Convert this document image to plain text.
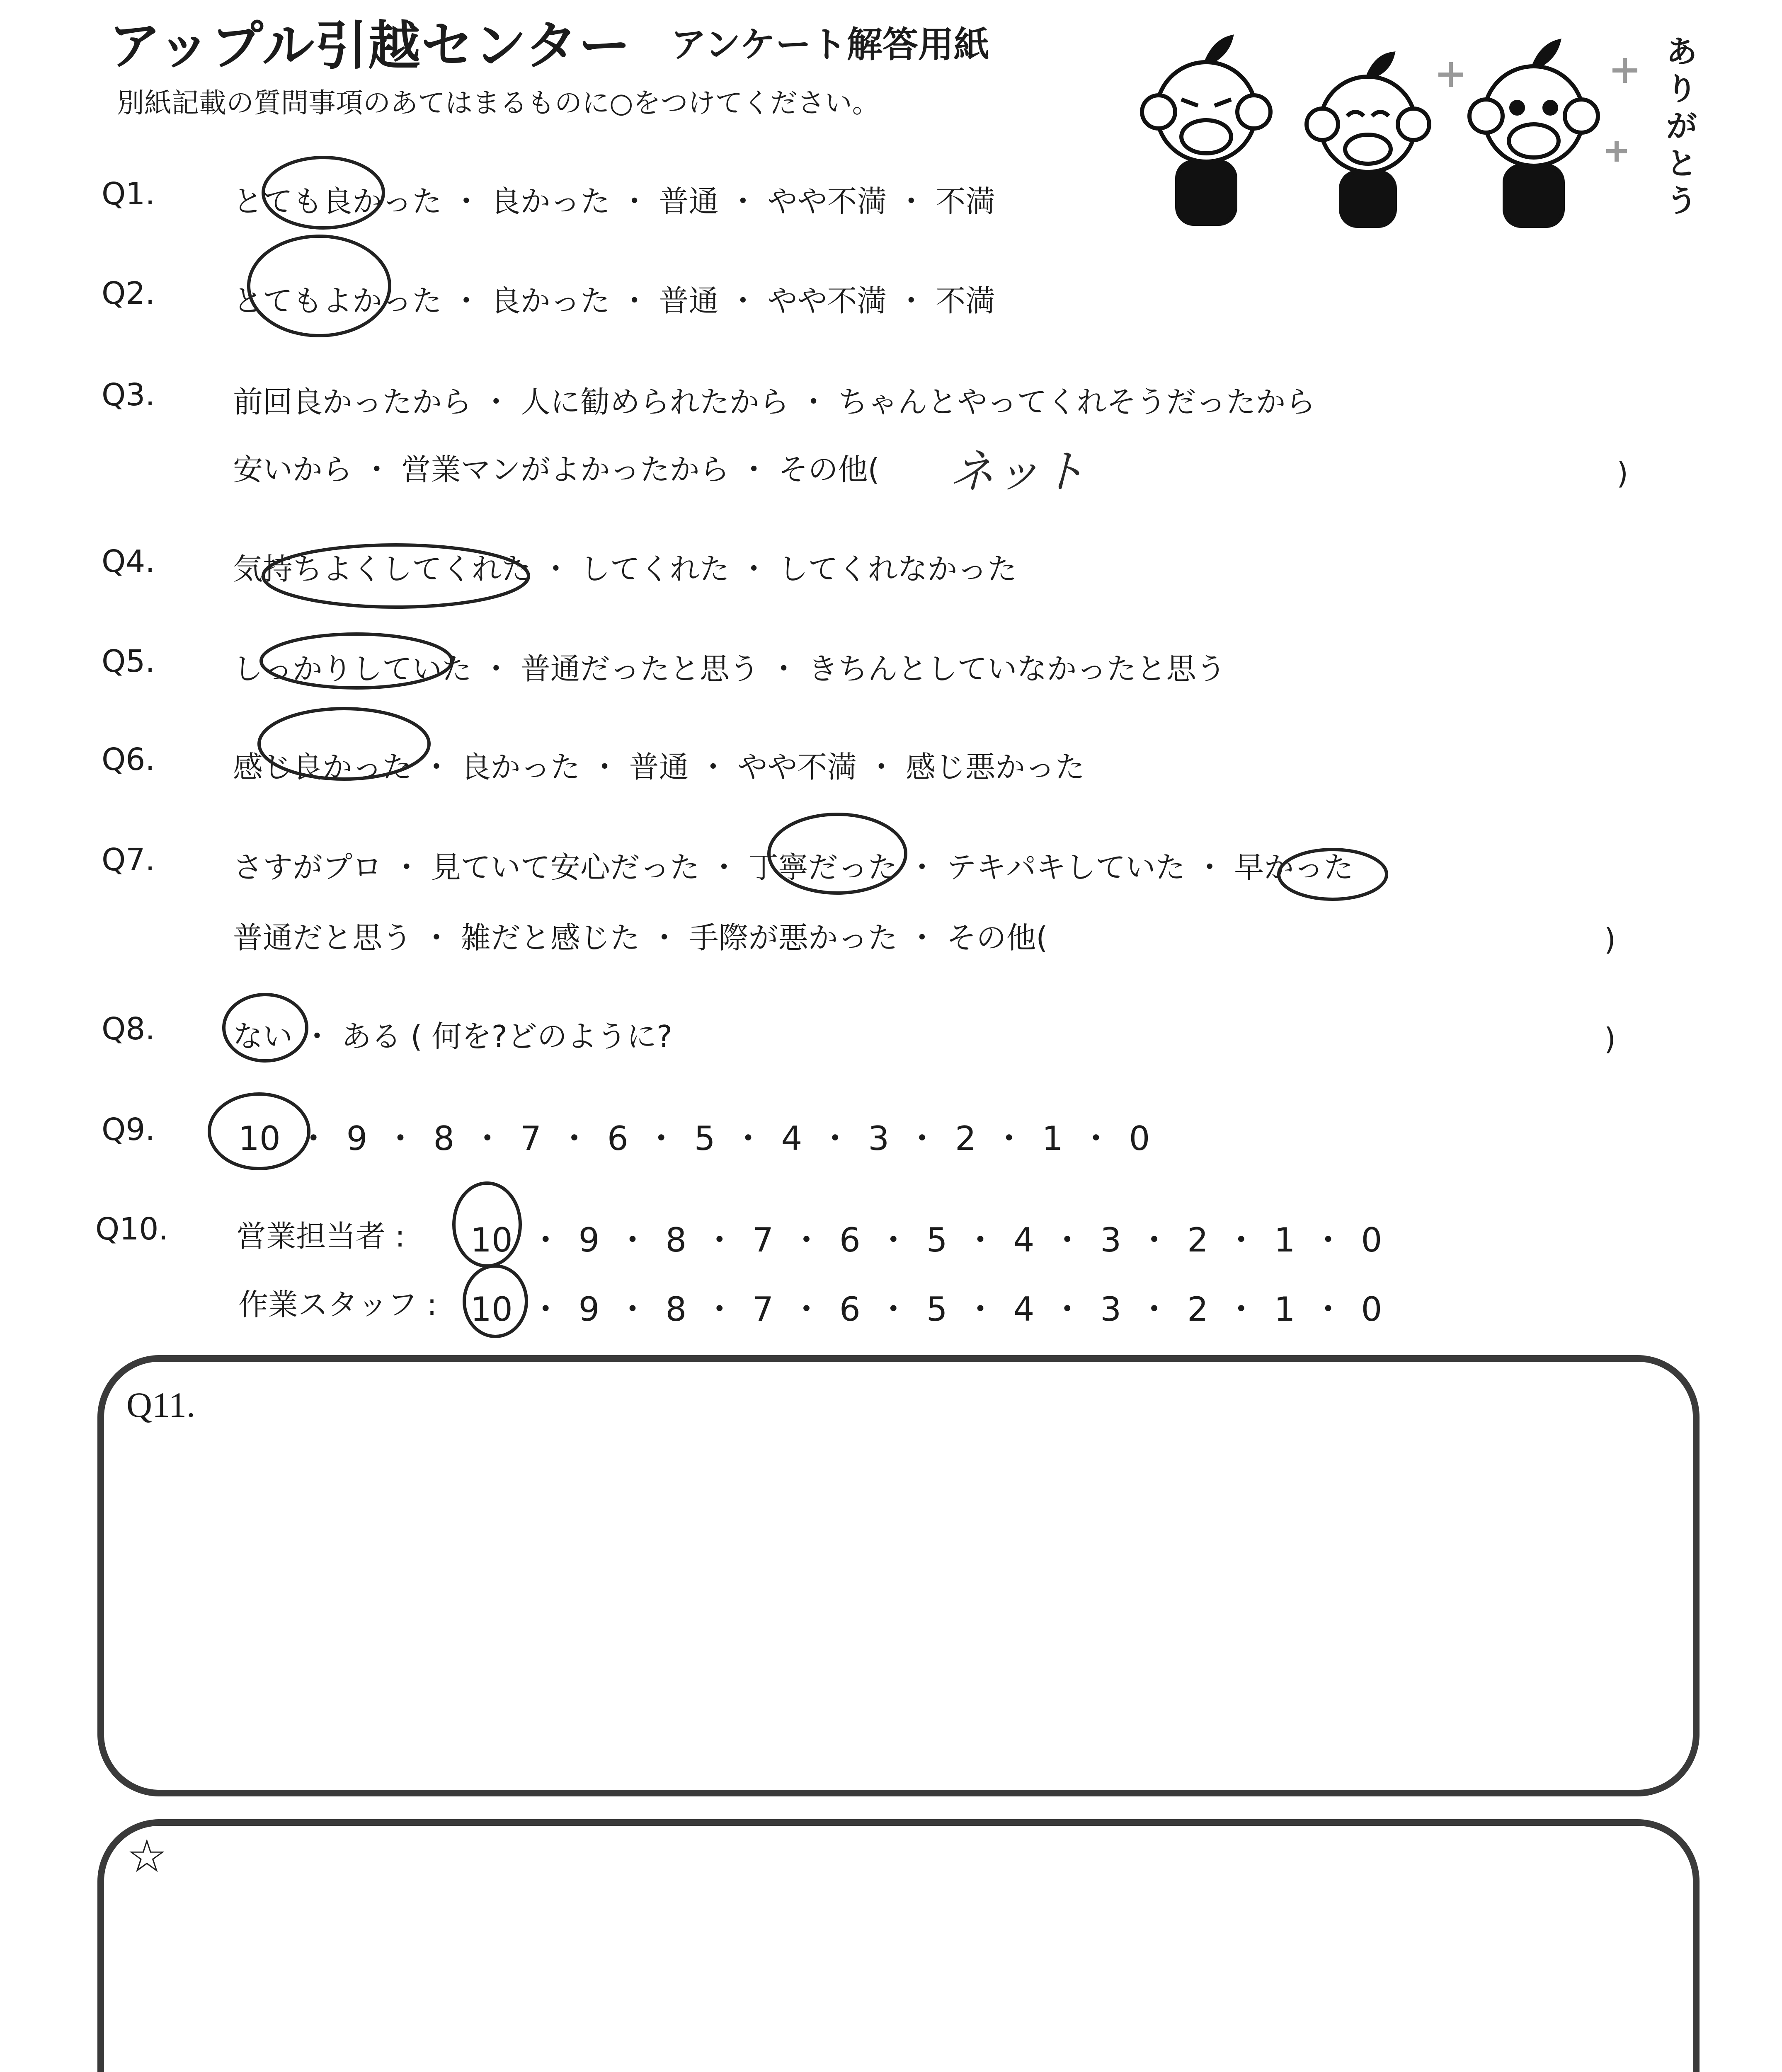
アップル引越センター アンケート解答用紙
別紙記載の質問事項のあてはまるものに○をつけてください。
ありがとう
Q1.	とても良かった ・ 良かった ・ 普通 ・ やや不満 ・ 不満
Q2.	とてもよかった ・ 良かった ・ 普通 ・ やや不満 ・ 不満
Q3.	前回良かったから ・ 人に勧められたから ・ ちゃんとやってくれそうだったから
安いから ・ 営業マンがよかったから ・ その他( ネット	)
Q4.	気持ちよくしてくれた ・ してくれた ・ してくれなかった
Q5.	しっかりしていた ・ 普通だったと思う ・ きちんとしていなかったと思う
Q6.	感じ良かった ・ 良かった ・ 普通 ・ やや不満 ・ 感じ悪かった
Q7.	さすがプロ ・ 見ていて安心だった ・ 丁寧だった ・ テキパキしていた ・ 早かった
普通だと思う ・ 雑だと感じた ・ 手際が悪かった ・ その他(	)
Q8.	ない ・ ある ( 何を?どのように?	)
Q9.	10 ・ 9 ・ 8 ・ 7 ・ 6 ・ 5 ・ 4 ・ 3 ・ 2 ・ 1 ・ 0
Q10. 営業担当者 : 10 ・ 9 ・ 8 ・ 7 ・ 6 ・ 5 ・ 4 ・ 3 ・ 2 ・ 1 ・ 0
作業スタッフ : 10 ・ 9 ・ 8 ・ 7 ・ 6 ・ 5 ・ 4 ・ 3 ・ 2 ・ 1 ・ 0
Q11.
☆
